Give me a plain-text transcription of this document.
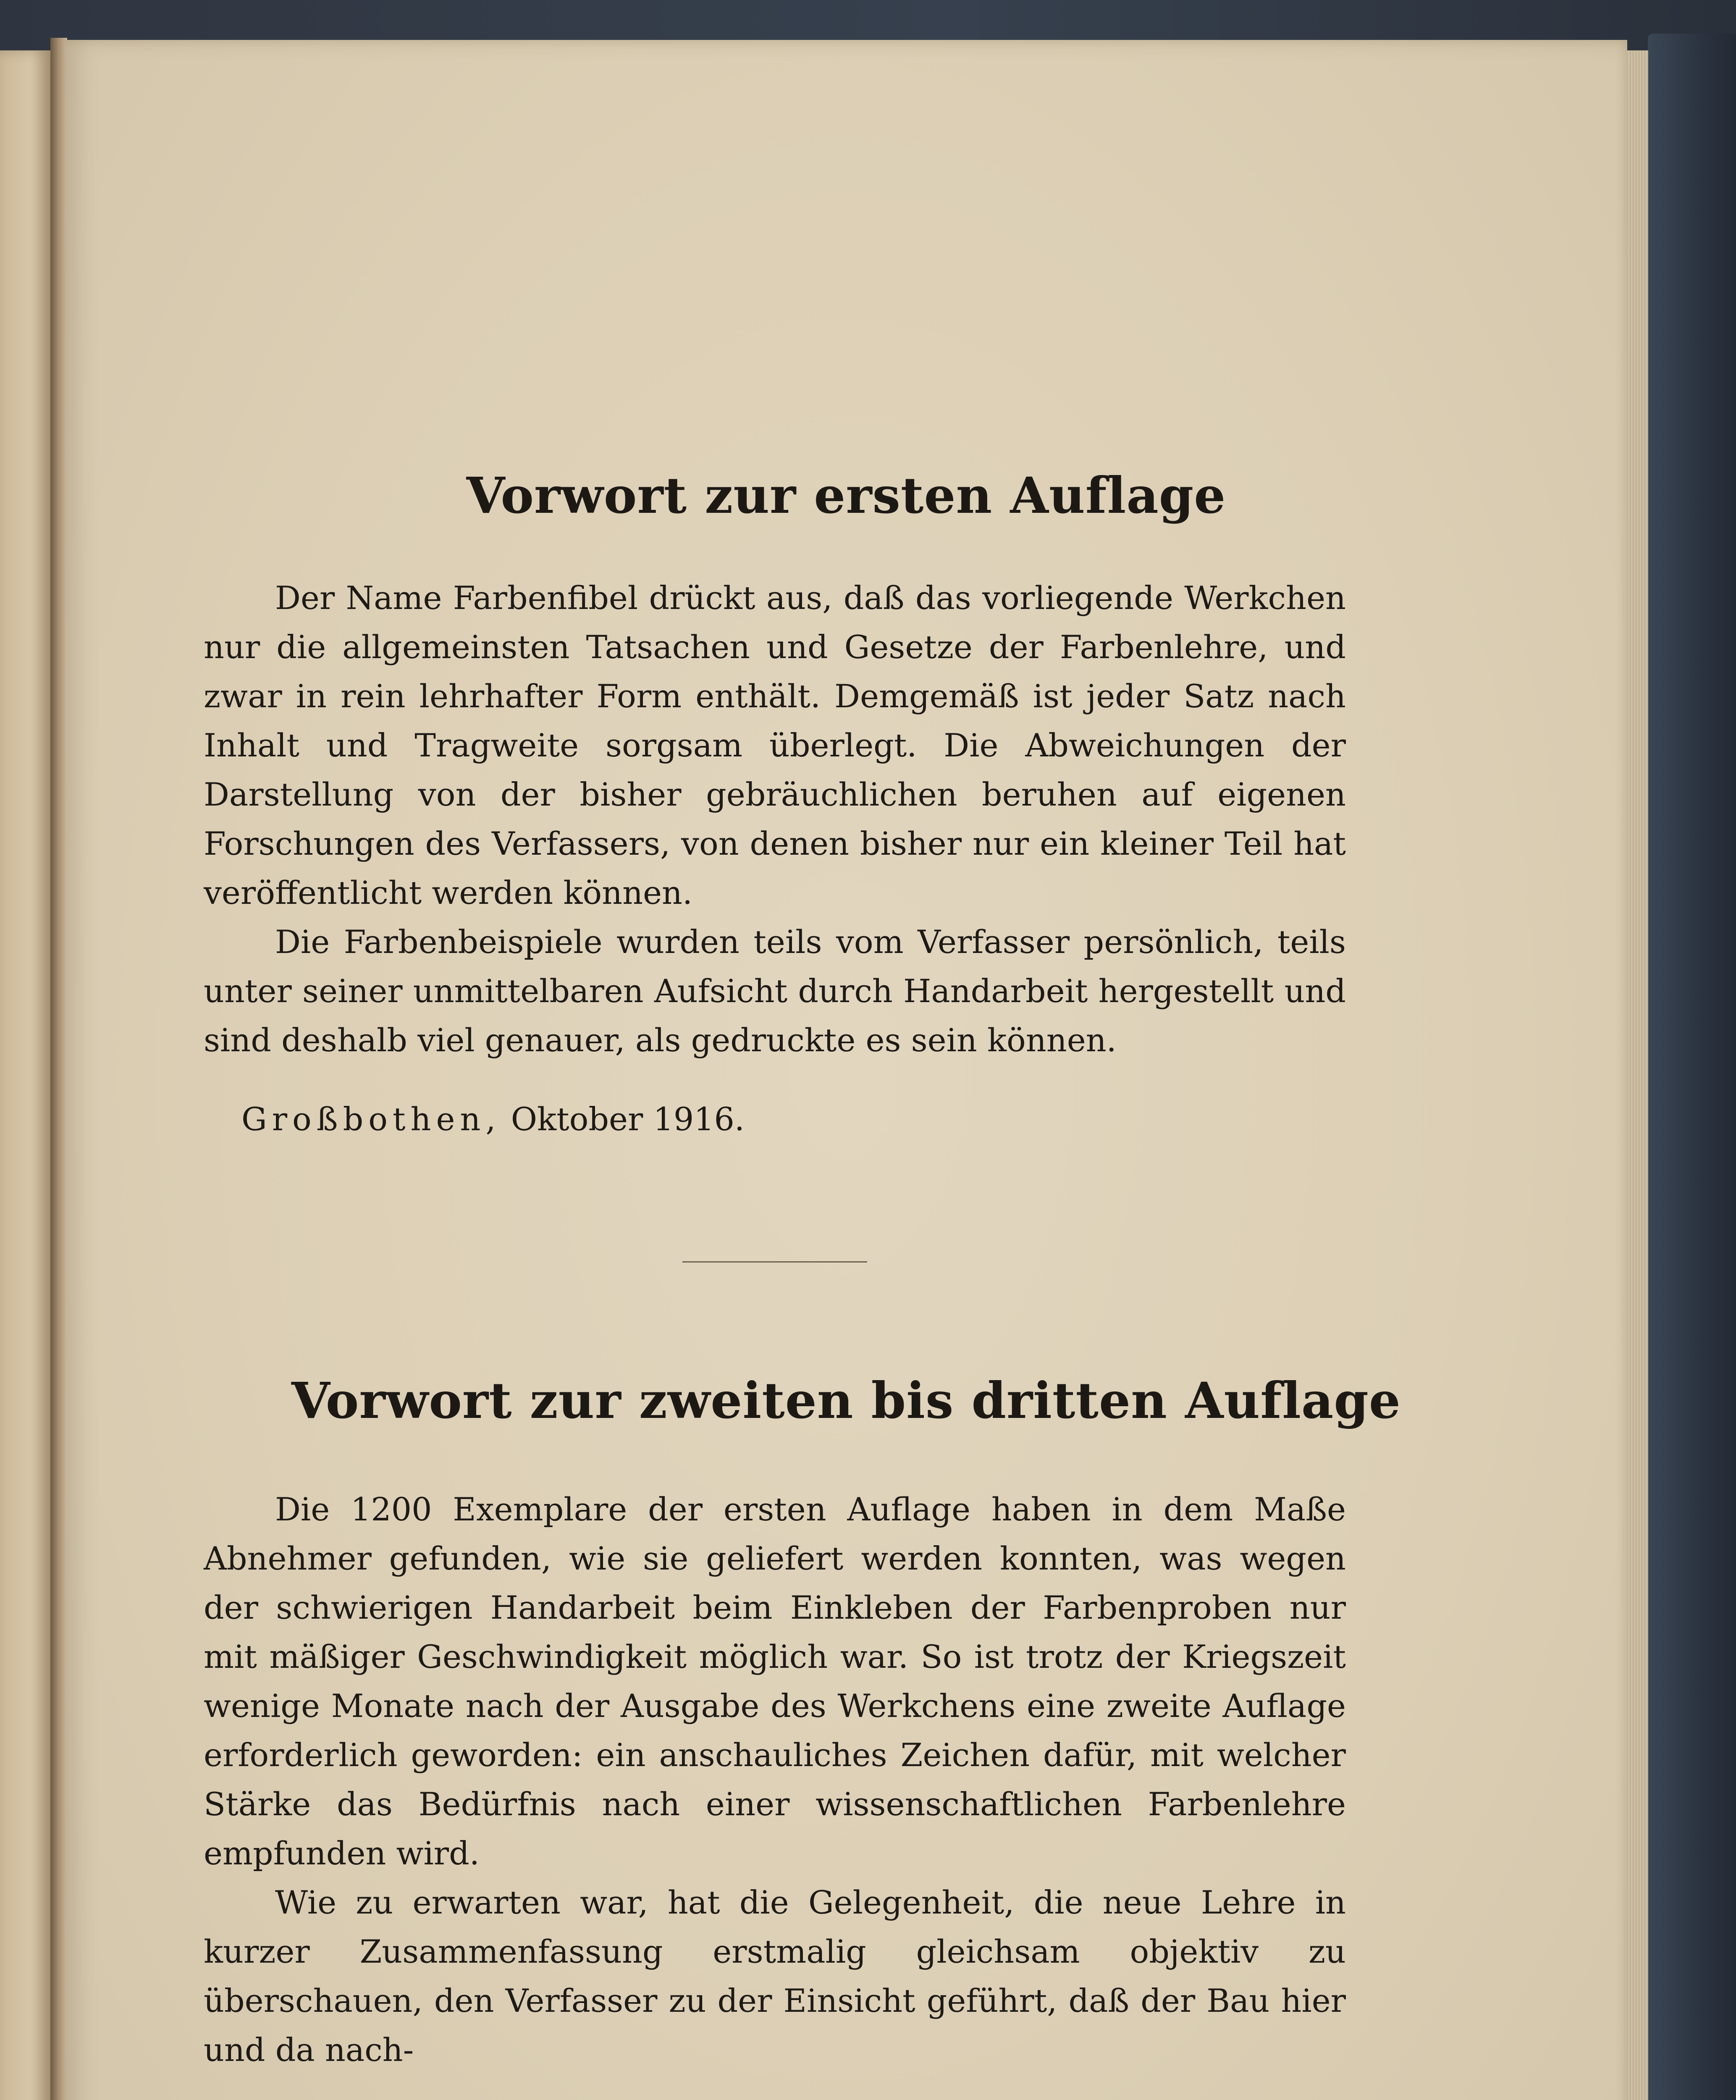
Vorwort zur ersten Auflage

Der Name Farbenfibel drückt aus, daß das vorliegende Werkchen nur die allgemeinsten Tatsachen und Gesetze der Farbenlehre, und zwar in rein lehrhafter Form enthält. Demgemäß ist jeder Satz nach Inhalt und Tragweite sorgsam überlegt. Die Abweichungen der Darstellung von der bisher gebräuchlichen beruhen auf eigenen Forschungen des Verfassers, von denen bisher nur ein kleiner Teil hat veröffentlicht werden können.

Die Farbenbeispiele wurden teils vom Verfasser persönlich, teils unter seiner unmittelbaren Aufsicht durch Handarbeit hergestellt und sind deshalb viel genauer, als gedruckte es sein können.

Großbothen, Oktober 1916.
Vorwort zur zweiten bis dritten Auflage

Die 1200 Exemplare der ersten Auflage haben in dem Maße Abnehmer gefunden, wie sie geliefert werden konnten, was wegen der schwierigen Handarbeit beim Einkleben der Farbenproben nur mit mäßiger Geschwindigkeit möglich war. So ist trotz der Kriegszeit wenige Monate nach der Ausgabe des Werkchens eine zweite Auflage erforderlich geworden: ein anschauliches Zeichen dafür, mit welcher Stärke das Bedürfnis nach einer wissenschaftlichen Farbenlehre empfunden wird.

Wie zu erwarten war, hat die Gelegenheit, die neue Lehre in kurzer Zusammenfassung erstmalig gleichsam objektiv zu überschauen, den Verfasser zu der Einsicht geführt, daß der Bau hier und da nach-
